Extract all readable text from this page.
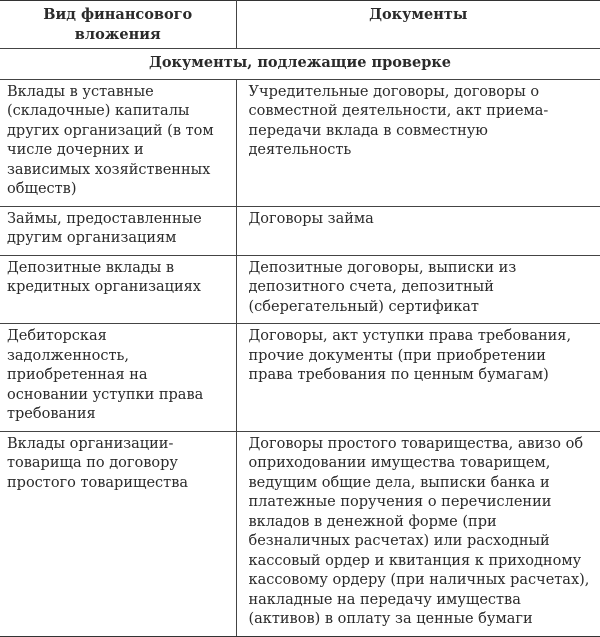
Вид финансового вложения	Документы
Документы, подлежащие проверке	
Вклады в уставные (складочные) капиталы других организаций (в том числе дочерних и зависимых хозяйственных обществ)	Учредительные договоры, договоры о совместной деятельности, акт приема-передачи вклада в совместную деятельность
Займы, предоставленные другим организациям	Договоры займа
Депозитные вклады в кредитных организациях	Депозитные договоры, выписки из депозитного счета, депозитный (сберегательный) сертификат
Дебиторская задолженность, приобретенная на основании уступки права требования	Договоры, акт уступки права требования, прочие документы (при приобретении права требования по ценным бумагам)
Вклады организации-товарища по договору простого товарищества	Договоры простого товарищества, авизо об оприходовании имущества товарищем, ведущим общие дела, выписки банка и платежные поручения о перечислении вкладов в денежной форме (при безналичных расчетах) или расходный кассовый ордер и квитанция к приходному кассовому ордеру (при наличных расчетах), накладные на передачу имущества (активов) в оплату за ценные бумаги
